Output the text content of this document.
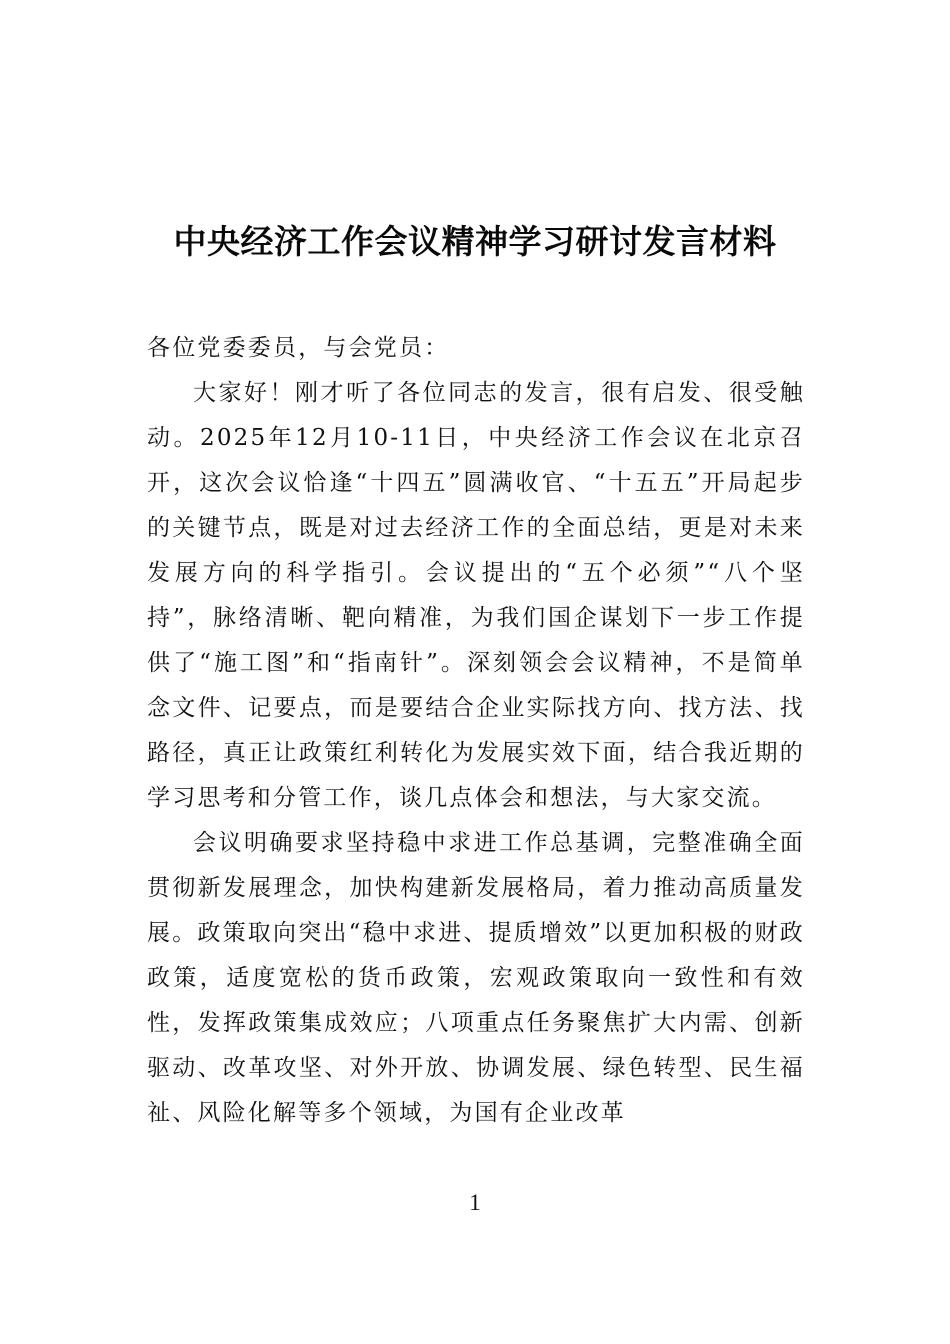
中央经济工作会议精神学习研讨发言材料

各位党委委员，与会党员：

大家好！刚才听了各位同志的发言，很有启发、很受触动。2025年12月10-11日，中央经济工作会议在北京召开，这次会议恰逢“十四五”圆满收官、“十五五”开局起步的关键节点，既是对过去经济工作的全面总结，更是对未来发展方向的科学指引。会议提出的“五个必须”“八个坚持”，脉络清晰、靶向精准，为我们国企谋划下一步工作提供了“施工图”和“指南针”。深刻领会会议精神，不是简单念文件、记要点，而是要结合企业实际找方向、找方法、找路径，真正让政策红利转化为发展实效下面，结合我近期的学习思考和分管工作，谈几点体会和想法，与大家交流。

会议明确要求坚持稳中求进工作总基调，完整准确全面贯彻新发展理念，加快构建新发展格局，着力推动高质量发展。政策取向突出“稳中求进、提质增效”以更加积极的财政政策，适度宽松的货币政策，宏观政策取向一致性和有效性，发挥政策集成效应；八项重点任务聚焦扩大内需、创新驱动、改革攻坚、对外开放、协调发展、绿色转型、民生福祉、风险化解等多个领域，为国有企业改革

1
